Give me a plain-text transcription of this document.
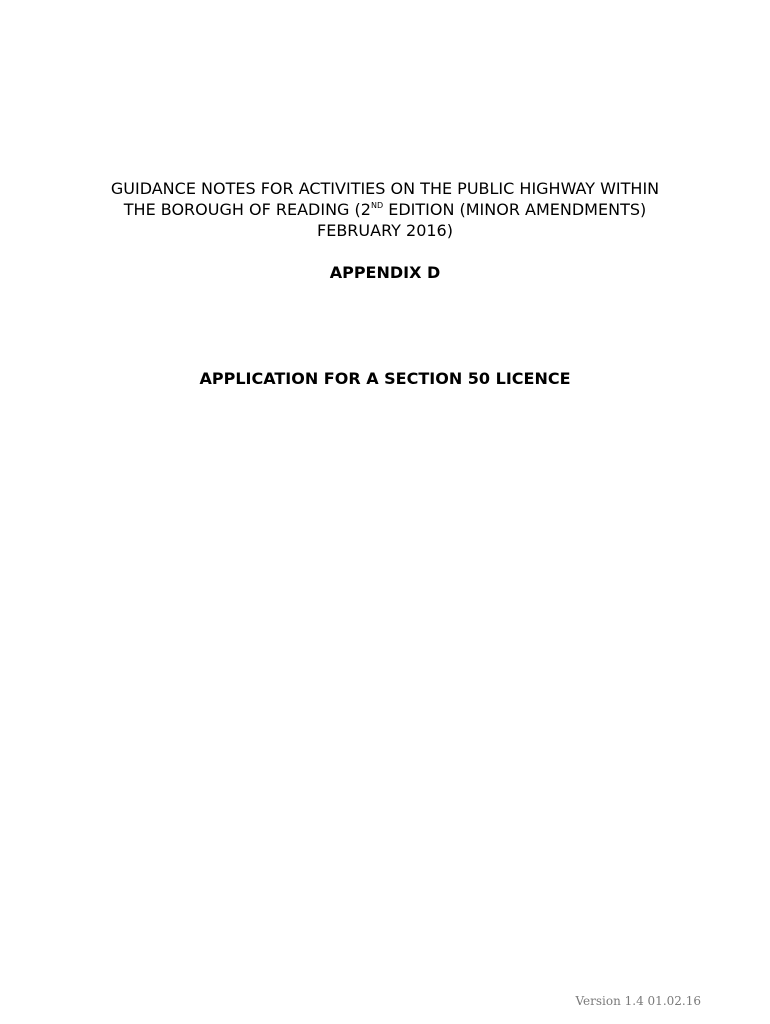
GUIDANCE NOTES FOR ACTIVITIES ON THE PUBLIC HIGHWAY WITHIN
THE BOROUGH OF READING (2ND EDITION (MINOR AMENDMENTS)
FEBRUARY 2016)
APPENDIX D
APPLICATION FOR A SECTION 50 LICENCE
Version 1.4 01.02.16
